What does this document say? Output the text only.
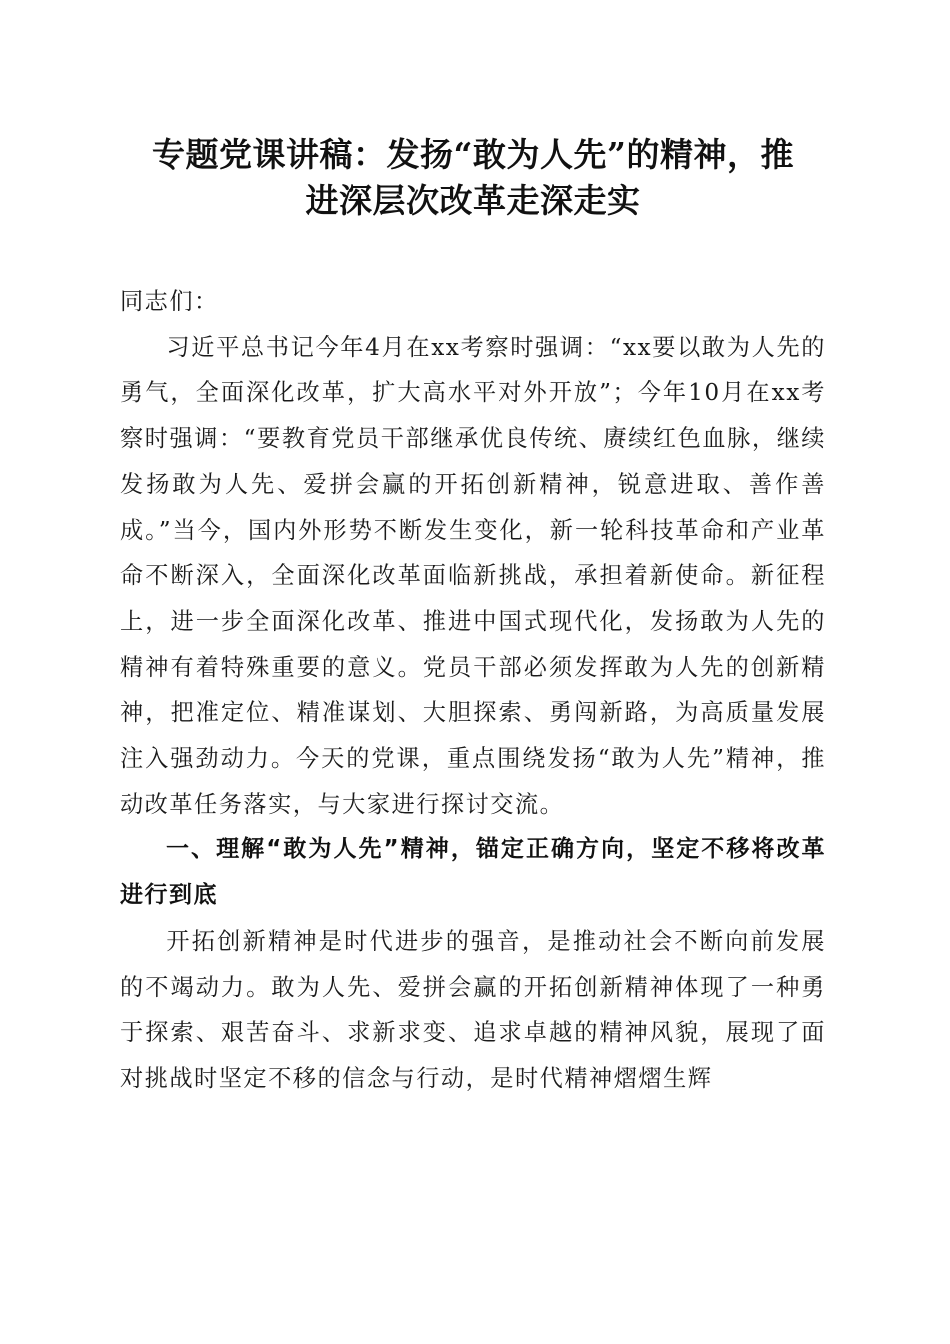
专题党课讲稿：发扬“敢为人先”的精神，推
进深层次改革走深走实

同志们：

习近平总书记今年4月在xx考察时强调：“xx要以敢为人先的勇气，全面深化改革，扩大高水平对外开放”；今年10月在xx考察时强调：“要教育党员干部继承优良传统、赓续红色血脉，继续发扬敢为人先、爱拼会赢的开拓创新精神，锐意进取、善作善成。”当今，国内外形势不断发生变化，新一轮科技革命和产业革命不断深入，全面深化改革面临新挑战，承担着新使命。新征程上，进一步全面深化改革、推进中国式现代化，发扬敢为人先的精神有着特殊重要的意义。党员干部必须发挥敢为人先的创新精神，把准定位、精准谋划、大胆探索、勇闯新路，为高质量发展注入强劲动力。今天的党课，重点围绕发扬“敢为人先”精神，推动改革任务落实，与大家进行探讨交流。

一、理解“敢为人先”精神，锚定正确方向，坚定不移将改革进行到底

开拓创新精神是时代进步的强音，是推动社会不断向前发展的不竭动力。敢为人先、爱拼会赢的开拓创新精神体现了一种勇于探索、艰苦奋斗、求新求变、追求卓越的精神风貌，展现了面对挑战时坚定不移的信念与行动，是时代精神熠熠生辉
